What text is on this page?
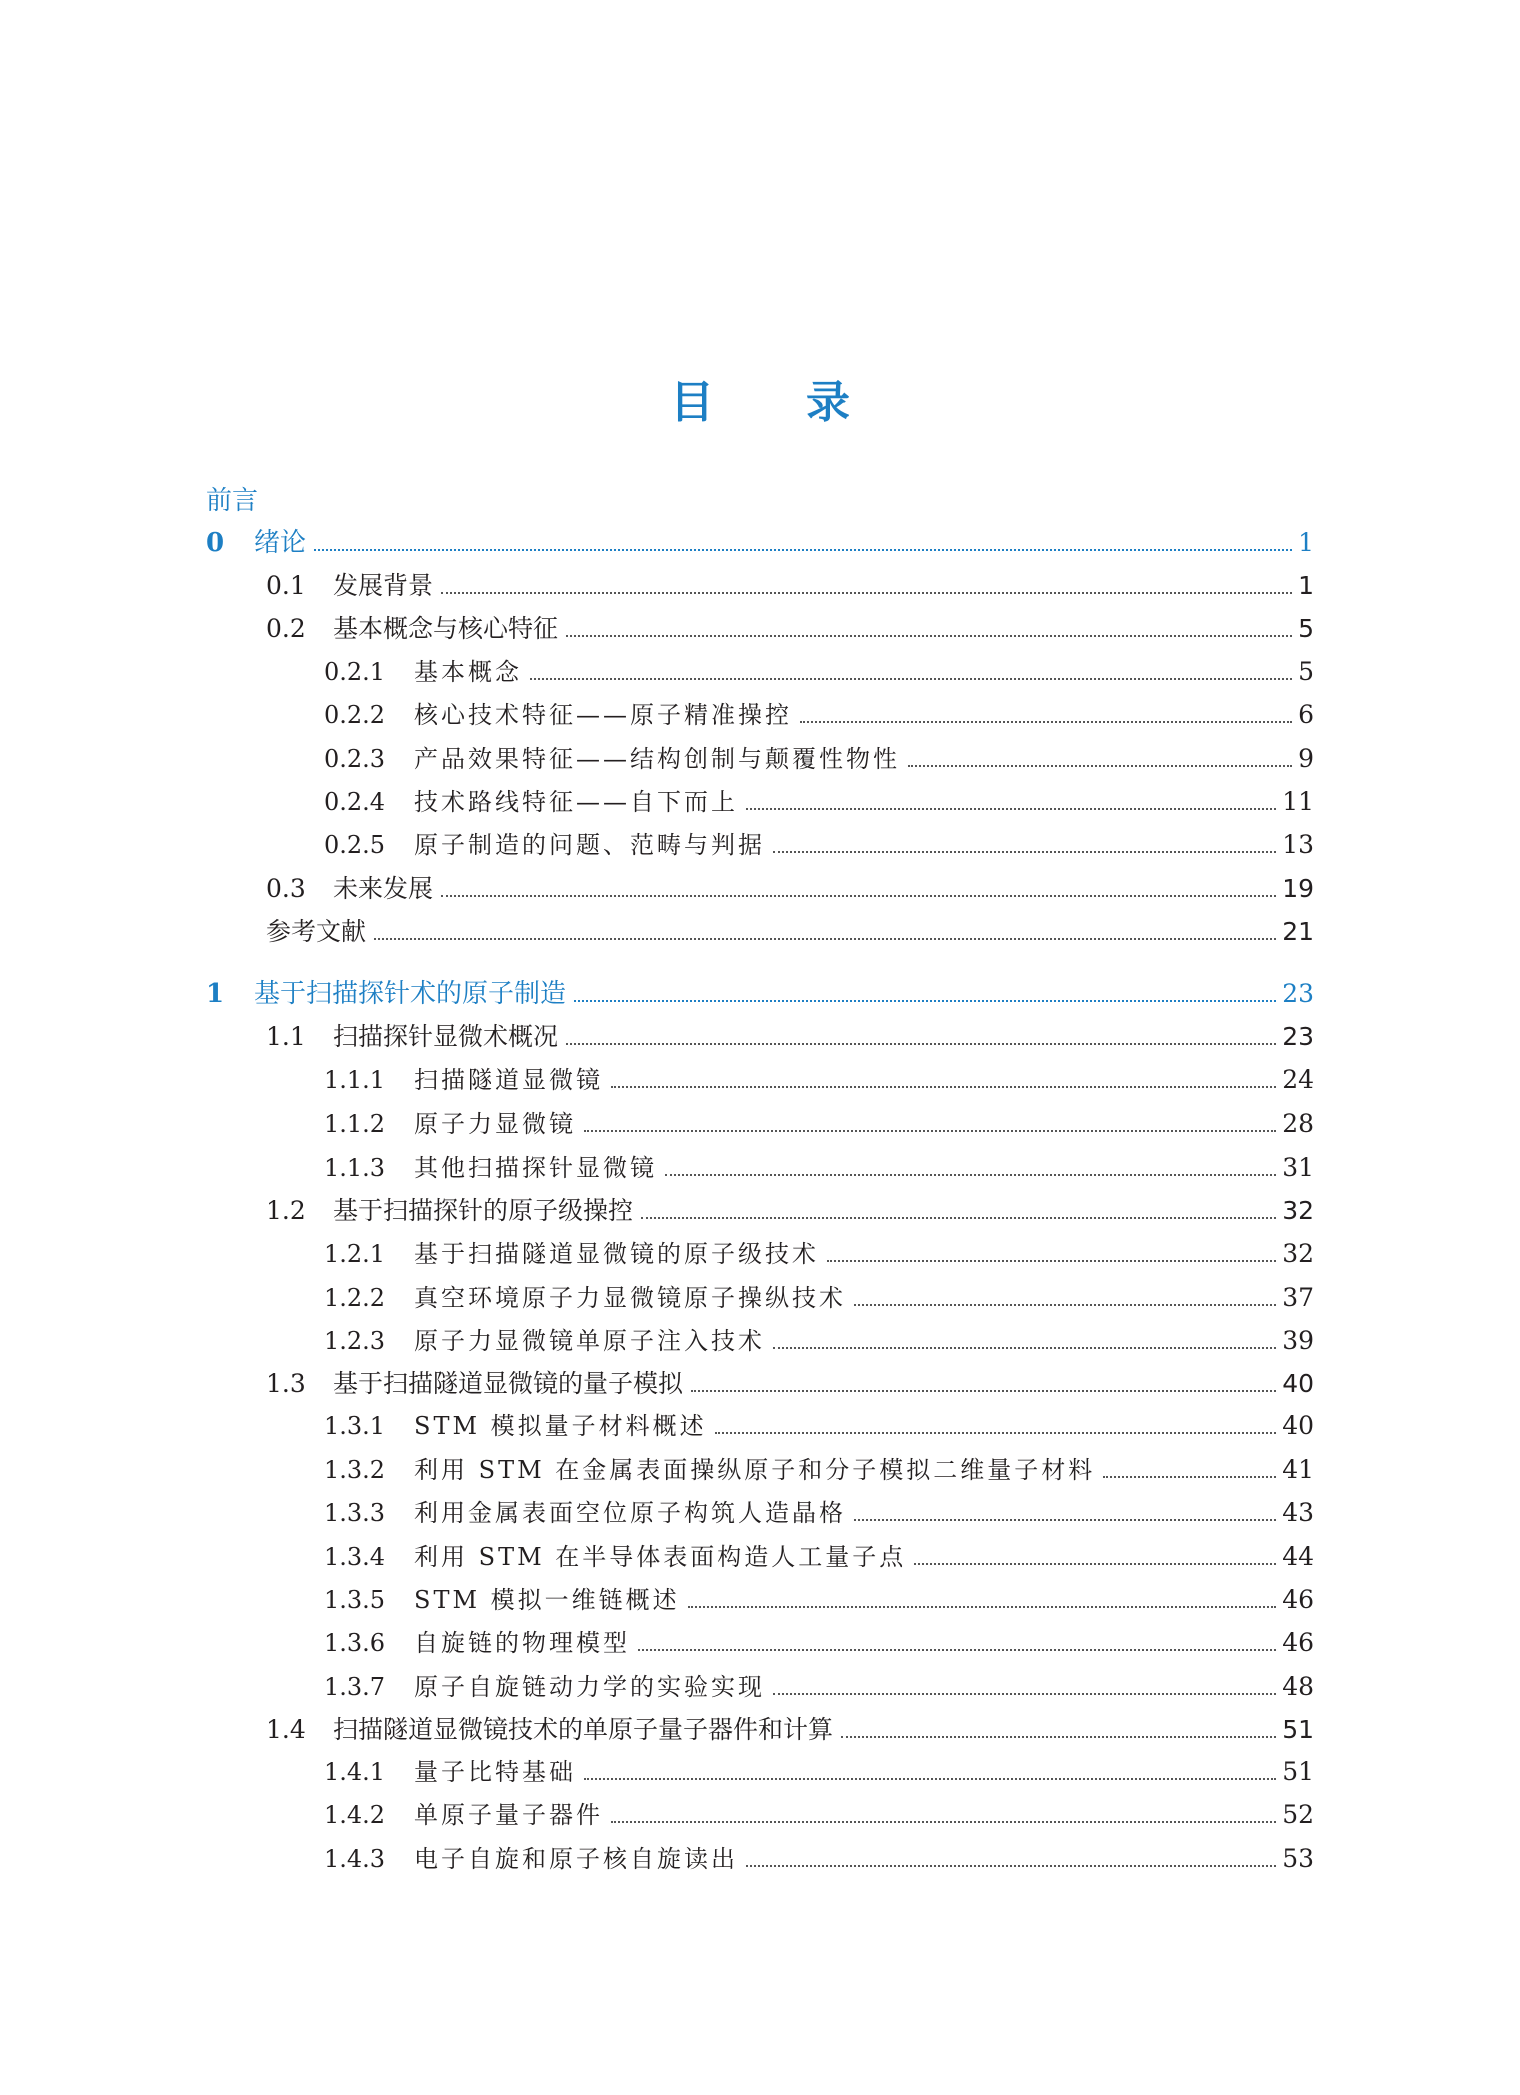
目 录
前言
0	绪论	1
0.1	发展背景	1
0.2	基本概念与核心特征	5
0.2.1	基本概念	5
0.2.2	核心技术特征——原子精准操控	6
0.2.3	产品效果特征——结构创制与颠覆性物性	9
0.2.4	技术路线特征——自下而上	11
0.2.5	原子制造的问题、范畴与判据	13
0.3	未来发展	19
参考文献	21
1	基于扫描探针术的原子制造	23
1.1	扫描探针显微术概况	23
1.1.1	扫描隧道显微镜	24
1.1.2	原子力显微镜	28
1.1.3	其他扫描探针显微镜	31
1.2	基于扫描探针的原子级操控	32
1.2.1	基于扫描隧道显微镜的原子级技术	32
1.2.2	真空环境原子力显微镜原子操纵技术	37
1.2.3	原子力显微镜单原子注入技术	39
1.3	基于扫描隧道显微镜的量子模拟	40
1.3.1	STM 模拟量子材料概述	40
1.3.2	利用 STM 在金属表面操纵原子和分子模拟二维量子材料	41
1.3.3	利用金属表面空位原子构筑人造晶格	43
1.3.4	利用 STM 在半导体表面构造人工量子点	44
1.3.5	STM 模拟一维链概述	46
1.3.6	自旋链的物理模型	46
1.3.7	原子自旋链动力学的实验实现	48
1.4	扫描隧道显微镜技术的单原子量子器件和计算	51
1.4.1	量子比特基础	51
1.4.2	单原子量子器件	52
1.4.3	电子自旋和原子核自旋读出	53
